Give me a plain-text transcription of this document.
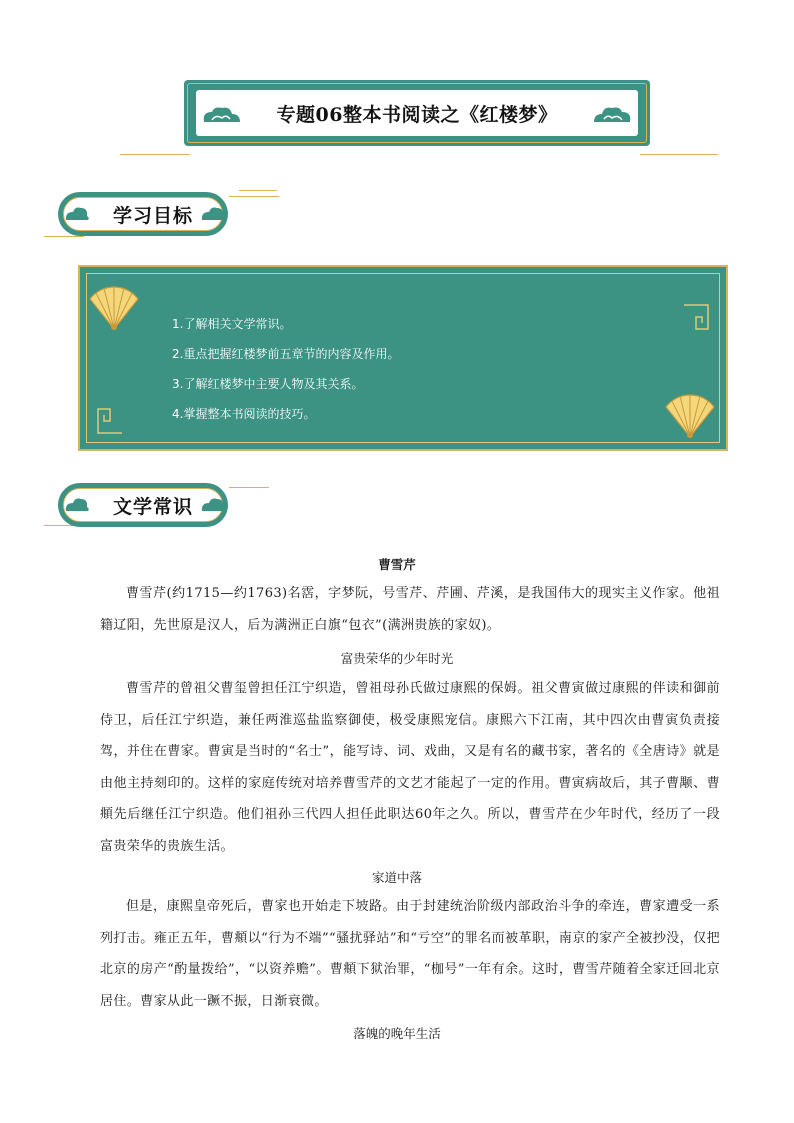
专题06整本书阅读之《红楼梦》
学习目标
1.了解相关文学常识。
2.重点把握红楼梦前五章节的内容及作用。
3.了解红楼梦中主要人物及其关系。
4.掌握整本书阅读的技巧。
文学常识
曹雪芹

曹雪芹(约1715—约1763)名霑，字梦阮，号雪芹、芹圃、芹溪，是我国伟大的现实主义作家。他祖籍辽阳，先世原是汉人，后为满洲正白旗“包衣”(满洲贵族的家奴)。

富贵荣华的少年时光

曹雪芹的曾祖父曹玺曾担任江宁织造，曾祖母孙氏做过康熙的保姆。祖父曹寅做过康熙的伴读和御前侍卫，后任江宁织造，兼任两淮巡盐监察御使，极受康熙宠信。康熙六下江南，其中四次由曹寅负责接驾，并住在曹家。曹寅是当时的“名士”，能写诗、词、戏曲，又是有名的藏书家，著名的《全唐诗》就是由他主持刻印的。这样的家庭传统对培养曹雪芹的文艺才能起了一定的作用。曹寅病故后，其子曹颙、曹頫先后继任江宁织造。他们祖孙三代四人担任此职达60年之久。所以，曹雪芹在少年时代，经历了一段富贵荣华的贵族生活。

家道中落

但是，康熙皇帝死后，曹家也开始走下坡路。由于封建统治阶级内部政治斗争的牵连，曹家遭受一系列打击。雍正五年，曹頫以“行为不端”“骚扰驿站”和“亏空”的罪名而被革职，南京的家产全被抄没，仅把北京的房产“酌量拨给”，“以资养赡”。曹頫下狱治罪，“枷号”一年有余。这时，曹雪芹随着全家迁回北京居住。曹家从此一蹶不振，日渐衰微。

落魄的晚年生活
